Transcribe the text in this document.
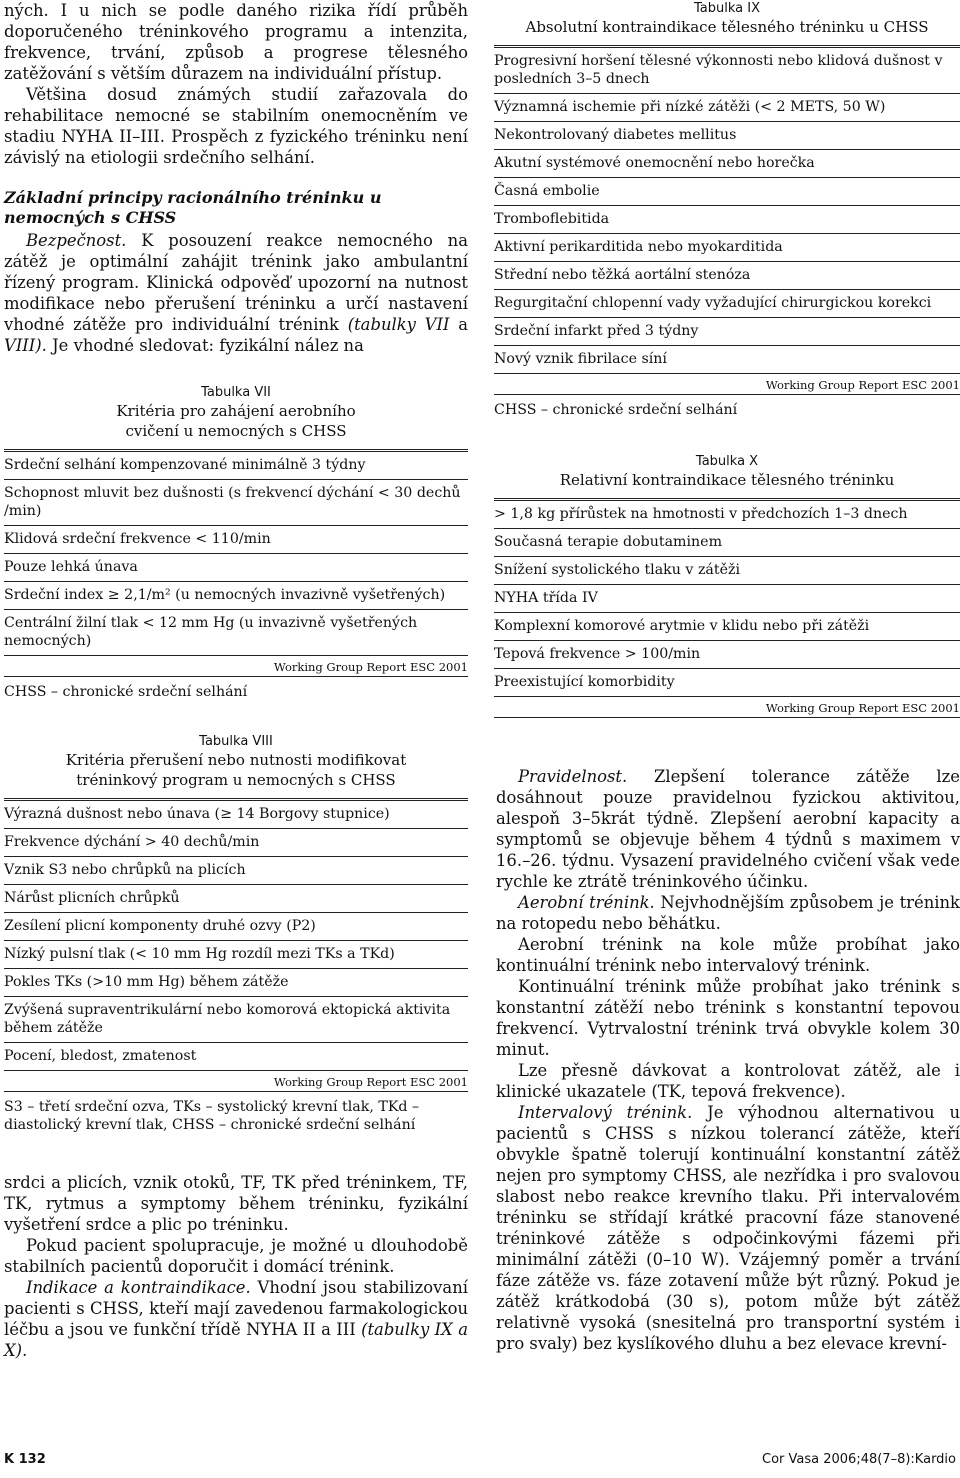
ných. I u nich se podle daného rizika řídí průběh doporučeného tréninkového programu a intenzita, frekvence, trvání, způsob a progrese tělesného zatěžování s větším důrazem na individuální přístup.

Většina dosud známých studií zařazovala do rehabilitace nemocné se stabilním onemocněním ve stadiu NYHA II–III. Prospěch z fyzického tréninku není závislý na etiologii srdečního selhání.

Základní principy racionálního tréninku u nemocných s CHSS

Bezpečnost. K posouzení reakce nemocného na zátěž je optimální zahájit trénink jako ambulantní řízený program. Klinická odpověď upozorní na nutnost modifikace nebo přerušení tréninku a určí nastavení vhodné zátěže pro individuální trénink (tabulky VII a VIII). Je vhodné sledovat: fyzikální nález na

Tabulka VII
Kritéria pro zahájení aerobního cvičení u nemocných s CHSS
Srdeční selhání kompenzované minimálně 3 týdny
Schopnost mluvit bez dušnosti (s frekvencí dýchání < 30 dechů /min)
Klidová srdeční frekvence < 110/min
Pouze lehká únava
Srdeční index ≥ 2,1/m² (u nemocných invazivně vyšetřených)
Centrální žilní tlak < 12 mm Hg (u invazivně vyšetřených nemocných)
Working Group Report ESC 2001
CHSS – chronické srdeční selhání
Tabulka VIII
Kritéria přerušení nebo nutnosti modifikovat tréninkový program u nemocných s CHSS
Výrazná dušnost nebo únava (≥ 14 Borgovy stupnice)
Frekvence dýchání > 40 dechů/min
Vznik S3 nebo chrůpků na plicích
Nárůst plicních chrůpků
Zesílení plicní komponenty druhé ozvy (P2)
Nízký pulsní tlak (< 10 mm Hg rozdíl mezi TKs a TKd)
Pokles TKs (>10 mm Hg) během zátěže
Zvýšená supraventrikulární nebo komorová ektopická aktivita během zátěže
Pocení, bledost, zmatenost
Working Group Report ESC 2001
S3 – třetí srdeční ozva, TKs – systolický krevní tlak, TKd – diastolický krevní tlak, CHSS – chronické srdeční selhání

srdci a plicích, vznik otoků, TF, TK před tréninkem, TF, TK, rytmus a symptomy během tréninku, fyzikální vyšetření srdce a plic po tréninku.

Pokud pacient spolupracuje, je možné u dlouhodobě stabilních pacientů doporučit i domácí trénink.

Indikace a kontraindikace. Vhodní jsou stabilizovaní pacienti s CHSS, kteří mají zavedenou farmakologickou léčbu a jsou ve funkční třídě NYHA II a III (tabulky IX a X).

Tabulka IX
Absolutní kontraindikace tělesného tréninku u CHSS
Progresivní horšení tělesné výkonnosti nebo klidová dušnost v posledních 3–5 dnech
Významná ischemie při nízké zátěži (< 2 METS, 50 W)
Nekontrolovaný diabetes mellitus
Akutní systémové onemocnění nebo horečka
Časná embolie
Tromboflebitida
Aktivní perikarditida nebo myokarditida
Střední nebo těžká aortální stenóza
Regurgitační chlopenní vady vyžadující chirurgickou korekci
Srdeční infarkt před 3 týdny
Nový vznik fibrilace síní
Working Group Report ESC 2001
CHSS – chronické srdeční selhání
Tabulka X
Relativní kontraindikace tělesného tréninku
> 1,8 kg přírůstek na hmotnosti v předchozích 1–3 dnech
Současná terapie dobutaminem
Snížení systolického tlaku v zátěži
NYHA třída IV
Komplexní komorové arytmie v klidu nebo při zátěži
Tepová frekvence > 100/min
Preexistující komorbidity
Working Group Report ESC 2001

Pravidelnost. Zlepšení tolerance zátěže lze dosáhnout pouze pravidelnou fyzickou aktivitou, alespoň 3–5krát týdně. Zlepšení aerobní kapacity a symptomů se objevuje během 4 týdnů s maximem v 16.–26. týdnu. Vysazení pravidelného cvičení však vede rychle ke ztrátě tréninkového účinku.

Aerobní trénink. Nejvhodnějším způsobem je trénink na rotopedu nebo běhátku.

Aerobní trénink na kole může probíhat jako kontinuální trénink nebo intervalový trénink.

Kontinuální trénink může probíhat jako trénink s konstantní zátěží nebo trénink s konstantní tepovou frekvencí. Vytrvalostní trénink trvá obvykle kolem 30 minut.

Lze přesně dávkovat a kontrolovat zátěž, ale i klinické ukazatele (TK, tepová frekvence).

Intervalový trénink. Je výhodnou alternativou u pacientů s CHSS s nízkou tolerancí zátěže, kteří obvykle špatně tolerují kontinuální konstantní zátěž nejen pro symptomy CHSS, ale nezřídka i pro svalovou slabost nebo reakce krevního tlaku. Při intervalovém tréninku se střídají krátké pracovní fáze stanovené tréninkové zátěže s odpočinkovými fázemi při minimální zátěži (0–10 W). Vzájemný poměr a trvání fáze zátěže vs. fáze zotavení může být různý. Pokud je zátěž krátkodobá (30 s), potom může být zátěž relativně vysoká (snesitelná pro transportní systém i pro svaly) bez kyslíkového dluhu a bez elevace krevní-

K 132	Cor Vasa 2006;48(7–8):Kardio
